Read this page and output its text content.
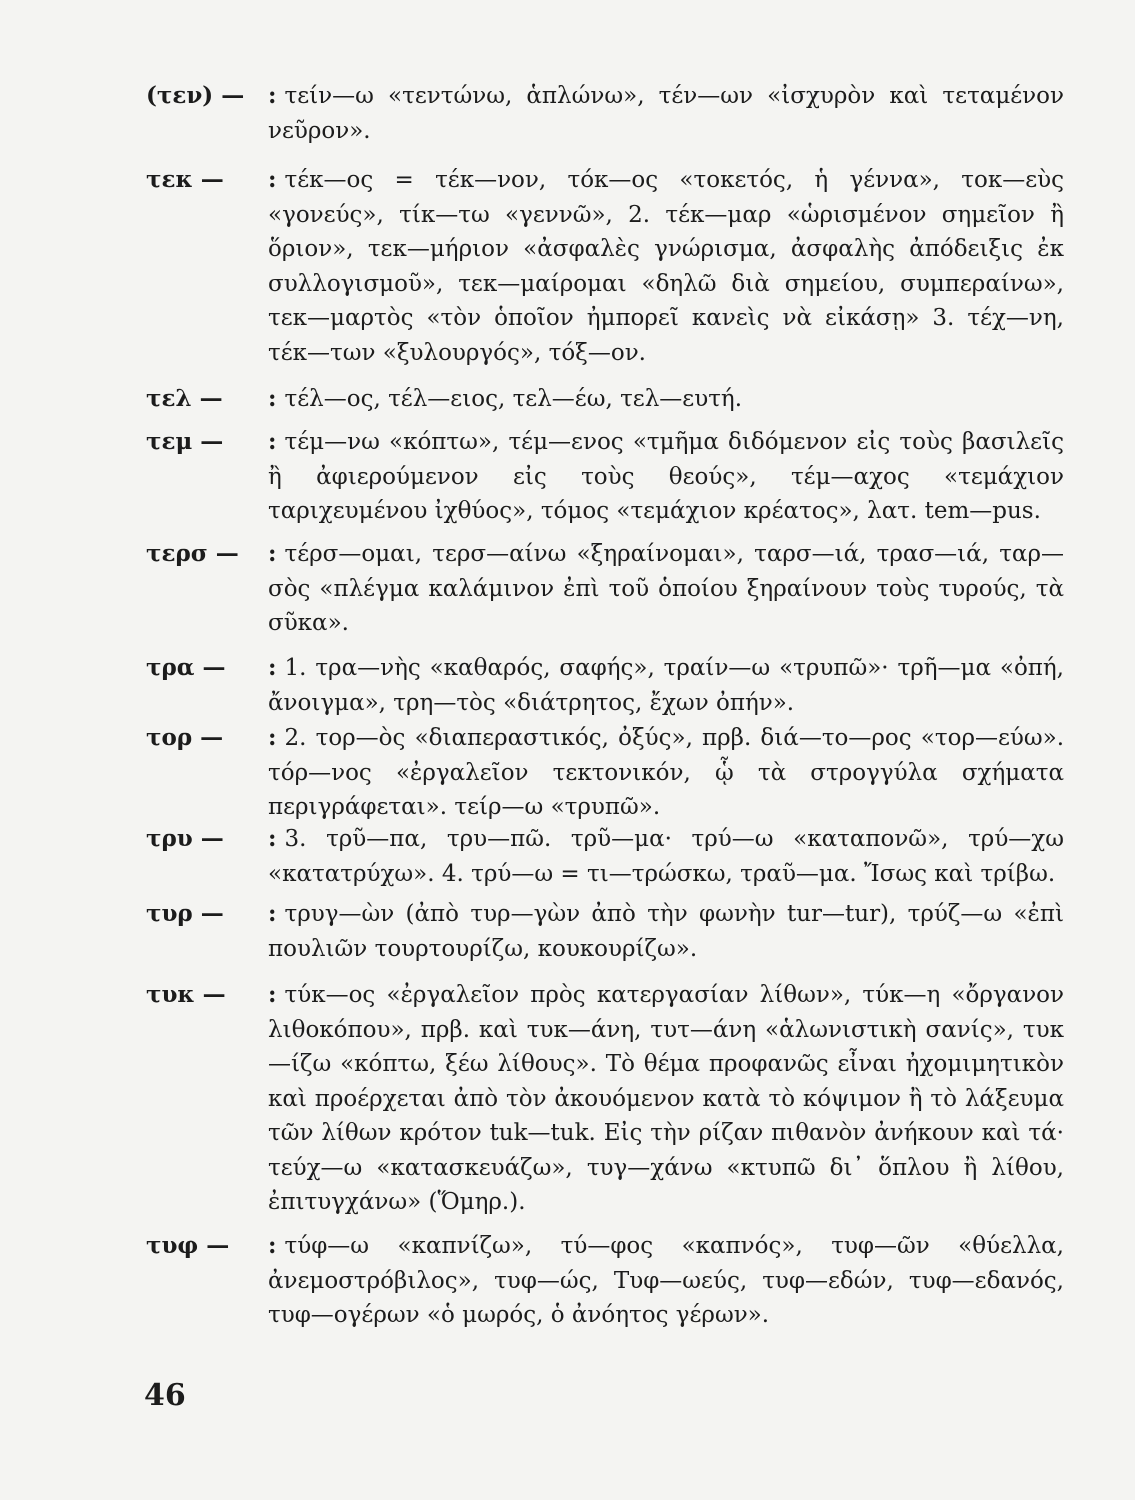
(τεν) —	: τείν—ω «τεντώνω, ἁπλώνω», τέν—ων «ἰσχυρὸν καὶ τεταμένον νεῦρον».
τεκ —	: τέκ—ος = τέκ—νον, τόκ—ος «τοκετός, ἡ γέννα», τοκ—εὺς «γονεύς», τίκ—τω «γεννῶ», 2. τέκ—μαρ «ὡρισμένον σημεῖον ἢ ὅριον», τεκ—μήριον «ἀσφαλὲς γνώρισμα, ἀσφαλὴς ἀπόδειξις ἐκ συλλογισμοῦ», τεκ—μαίρομαι «δηλῶ διὰ σημείου, συμπεραίνω», τεκ—μαρτὸς «τὸν ὁποῖον ἠμπορεῖ κανεὶς νὰ εἰκάσῃ» 3. τέχ—νη, τέκ—των «ξυλουργός», τόξ—ον.
τελ —	: τέλ—ος, τέλ—ειος, τελ—έω, τελ—ευτή.
τεμ —	: τέμ—νω «κόπτω», τέμ—ενος «τμῆμα διδόμενον εἰς τοὺς βασιλεῖς ἢ ἀφιερούμενον εἰς τοὺς θεούς», τέμ—αχος «τεμάχιον ταριχευμένου ἰχθύος», τόμος «τεμάχιον κρέατος», λατ. tem—pus.
τερσ —	: τέρσ—ομαι, τερσ—αίνω «ξηραίνομαι», ταρσ—ιά, τρασ—ιά, ταρ—σὸς «πλέγμα καλάμινον ἐπὶ τοῦ ὁποίου ξηραίνουν τοὺς τυρούς, τὰ σῦκα».
τρα —	: 1. τρα—νὴς «καθαρός, σαφής», τραίν—ω «τρυπῶ»· τρῆ—μα «ὀπή, ἄνοιγμα», τρη—τὸς «διάτρητος, ἔχων ὀπήν».
τορ —	: 2. τορ—ὸς «διαπεραστικός, ὀξύς», πρβ. διά—το—ρος «τορ—εύω». τόρ—νος «ἐργαλεῖον τεκτονικόν, ᾧ τὰ στρογγύλα σχήματα περιγράφεται». τείρ—ω «τρυπῶ».
τρυ —	: 3. τρῦ—πα, τρυ—πῶ. τρῦ—μα· τρύ—ω «καταπονῶ», τρύ—χω «κατατρύχω». 4. τρύ—ω = τι—τρώσκω, τραῦ—μα. Ἴσως καὶ τρίβω.
τυρ —	: τρυγ—ὼν (ἀπὸ τυρ—γὼν ἀπὸ τὴν φωνὴν tur—tur), τρύζ—ω «ἐπὶ πουλιῶν τουρτουρίζω, κουκουρίζω».
τυκ —	: τύκ—ος «ἐργαλεῖον πρὸς κατεργασίαν λίθων», τύκ—η «ὄργανον λιθοκόπου», πρβ. καὶ τυκ—άνη, τυτ—άνη «ἁλωνιστικὴ σανίς», τυκ—ίζω «κόπτω, ξέω λίθους». Τὸ θέμα προφανῶς εἶναι ἠχομιμητικὸν καὶ προέρχεται ἀπὸ τὸν ἀκουόμενον κατὰ τὸ κόψιμον ἢ τὸ λάξευμα τῶν λίθων κρότον tuk—tuk. Εἰς τὴν ρίζαν πιθανὸν ἀνήκουν καὶ τά· τεύχ—ω «κατασκευάζω», τυγ—χάνω «κτυπῶ δι᾽ ὅπλου ἢ λίθου, ἐπιτυγχάνω» (Ὅμηρ.).
τυφ —	: τύφ—ω «καπνίζω», τύ—φος «καπνός», τυφ—ῶν «θύελλα, ἀνεμοστρόβιλος», τυφ—ώς, Τυφ—ωεύς, τυφ—εδών, τυφ—εδανός, τυφ—ογέρων «ὁ μωρός, ὁ ἀνόητος γέρων».
46
